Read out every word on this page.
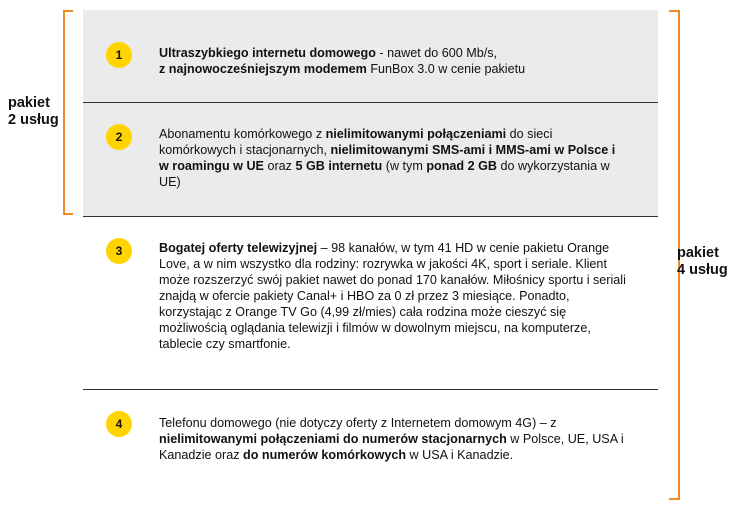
pakiet
2 usług
pakiet
4 usług
1	Ultraszybkiego internetu domowego - nawet do 600 Mb/s,
z najnowocześniejszym modemem FunBox 3.0 w cenie pakietu
2	Abonamentu komórkowego z nielimitowanymi połączeniami do sieci komórkowych i stacjonarnych, nielimitowanymi SMS-ami i MMS-ami w Polsce i w roamingu w UE oraz 5 GB internetu (w tym ponad 2 GB do wykorzystania w UE)
3	Bogatej oferty telewizyjnej – 98 kanałów, w tym 41 HD w cenie pakietu Orange Love, a w nim wszystko dla rodziny: rozrywka w jakości 4K, sport i seriale. Klient może rozszerzyć swój pakiet nawet do ponad 170 kanałów. Miłośnicy sportu i seriali znajdą w ofercie pakiety Canal+ i HBO za 0 zł przez 3 miesiące. Ponadto, korzystając z Orange TV Go (4,99 zł/mies) cała rodzina może cieszyć się możliwością oglądania telewizji i filmów w dowolnym miejscu, na komputerze, tablecie czy smartfonie.
4	Telefonu domowego (nie dotyczy oferty z Internetem domowym 4G) – z nielimitowanymi połączeniami do numerów stacjonarnych w Polsce, UE, USA i Kanadzie oraz do numerów komórkowych w USA i Kanadzie.
